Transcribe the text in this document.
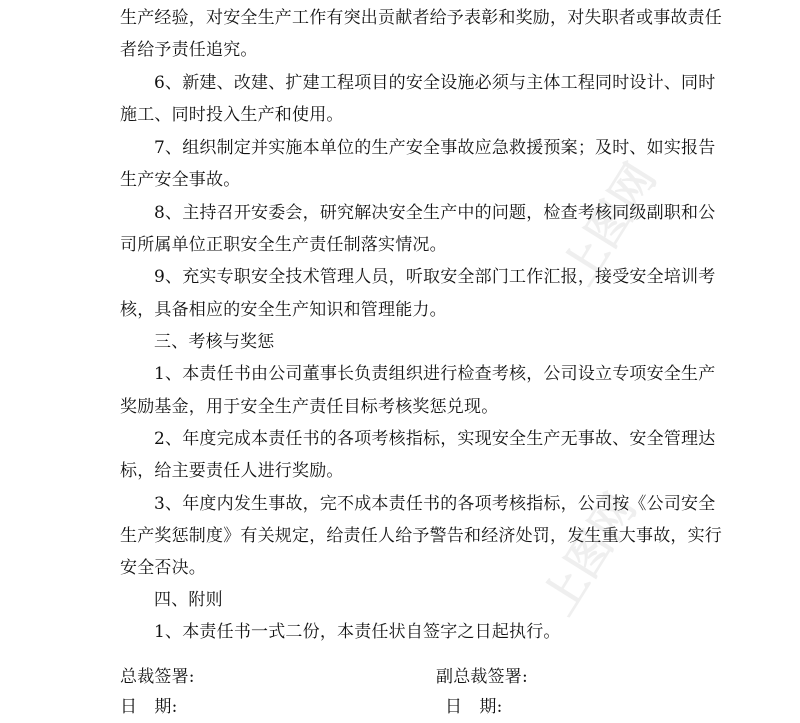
上图网
上图网
生产经验，对安全生产工作有突出贡献者给予表彰和奖励，对失职者或事故责任
者给予责任追究。
6、新建、改建、扩建工程项目的安全设施必须与主体工程同时设计、同时
施工、同时投入生产和使用。
7、组织制定并实施本单位的生产安全事故应急救援预案；及时、如实报告
生产安全事故。
8、主持召开安委会，研究解决安全生产中的问题，检查考核同级副职和公
司所属单位正职安全生产责任制落实情况。
9、充实专职安全技术管理人员，听取安全部门工作汇报，接受安全培训考
核，具备相应的安全生产知识和管理能力。
三、考核与奖惩
1、本责任书由公司董事长负责组织进行检查考核，公司设立专项安全生产
奖励基金，用于安全生产责任目标考核奖惩兑现。
2、年度完成本责任书的各项考核指标，实现安全生产无事故、安全管理达
标，给主要责任人进行奖励。
3、年度内发生事故，完不成本责任书的各项考核指标，公司按《公司安全
生产奖惩制度》有关规定，给责任人给予警告和经济处罚，发生重大事故，实行
安全否决。
四、附则
1、本责任书一式二份，本责任状自签字之日起执行。
总裁签署:	副总裁签署:
日　期:	日　期:
